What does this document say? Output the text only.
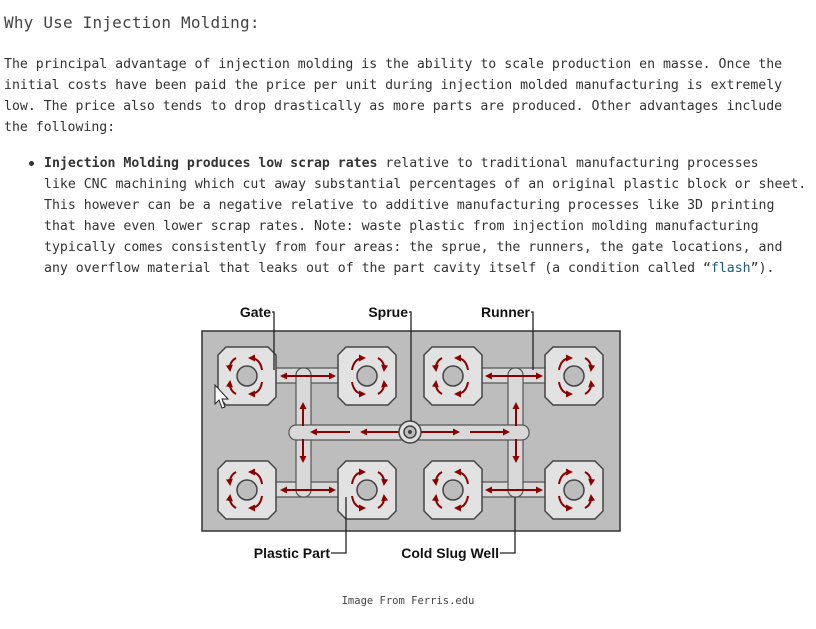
Why Use Injection Molding:

The principal advantage of injection molding is the ability to scale production en masse. Once the
initial costs have been paid the price per unit during injection molded manufacturing is extremely
low. The price also tends to drop drastically as more parts are produced. Other advantages include
the following:

Injection Molding produces low scrap rates relative to traditional manufacturing processes
like CNC machining which cut away substantial percentages of an original plastic block or sheet.
This however can be a negative relative to additive manufacturing processes like 3D printing
that have even lower scrap rates. Note: waste plastic from injection molding manufacturing
typically comes consistently from four areas: the sprue, the runners, the gate locations, and
any overflow material that leaks out of the part cavity itself (a condition called “flash”).
Gate	Sprue	Runner
Plastic Part	Cold Slug Well
Image From Ferris.edu
